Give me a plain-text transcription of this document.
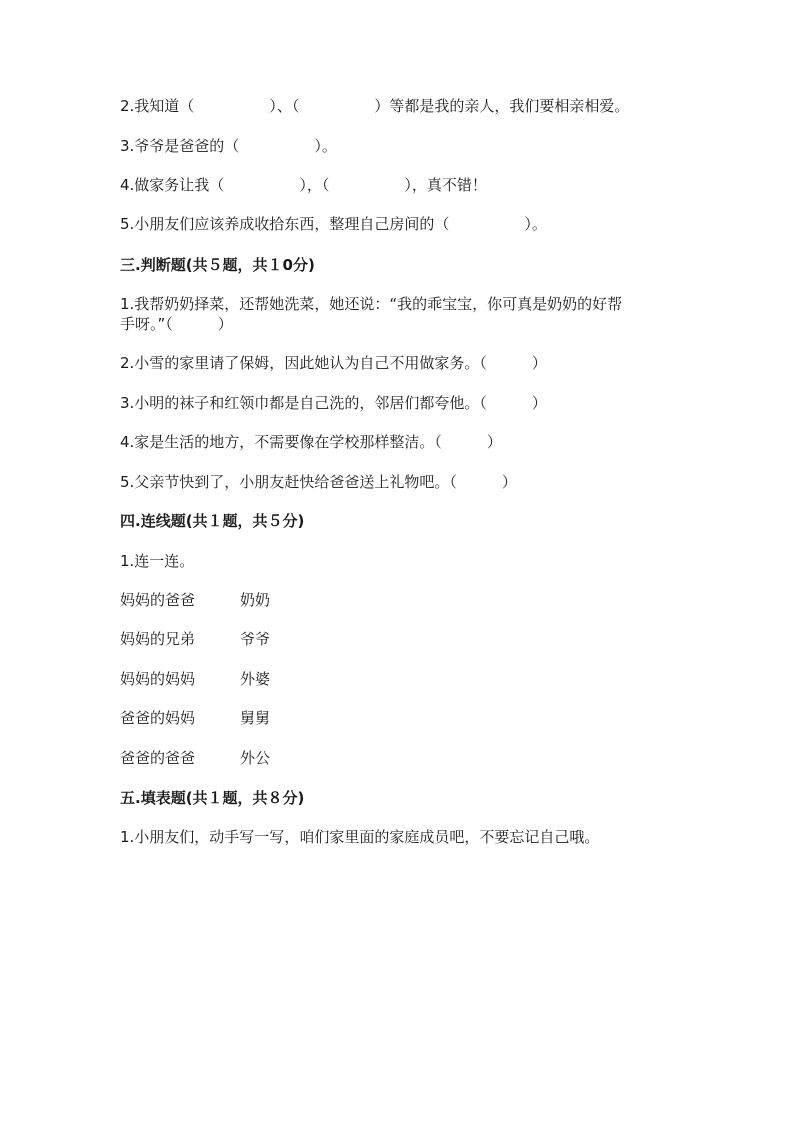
2.我知道（　　　　　）、（　　　　　）等都是我的亲人，我们要相亲相爱。
3.爷爷是爸爸的（　　　　　）。
4.做家务让我（　　　　　），（　　　　　），真不错！
5.小朋友们应该养成收拾东西，整理自己房间的（　　　　　）。
三.判断题(共５题，共１0分)
1.我帮奶奶择菜，还帮她洗菜，她还说：“我的乖宝宝，你可真是奶奶的好帮
手呀。”（　　　）
2.小雪的家里请了保姆，因此她认为自己不用做家务。（　　　）
3.小明的袜子和红领巾都是自己洗的，邻居们都夸他。（　　　）
4.家是生活的地方，不需要像在学校那样整洁。（　　　）
5.父亲节快到了，小朋友赶快给爸爸送上礼物吧。（　　　）
四.连线题(共１题，共５分)
1.连一连。
妈妈的爸爸	奶奶
妈妈的兄弟	爷爷
妈妈的妈妈	外婆
爸爸的妈妈	舅舅
爸爸的爸爸	外公
五.填表题(共１题，共８分)
1.小朋友们，动手写一写，咱们家里面的家庭成员吧，不要忘记自己哦。
